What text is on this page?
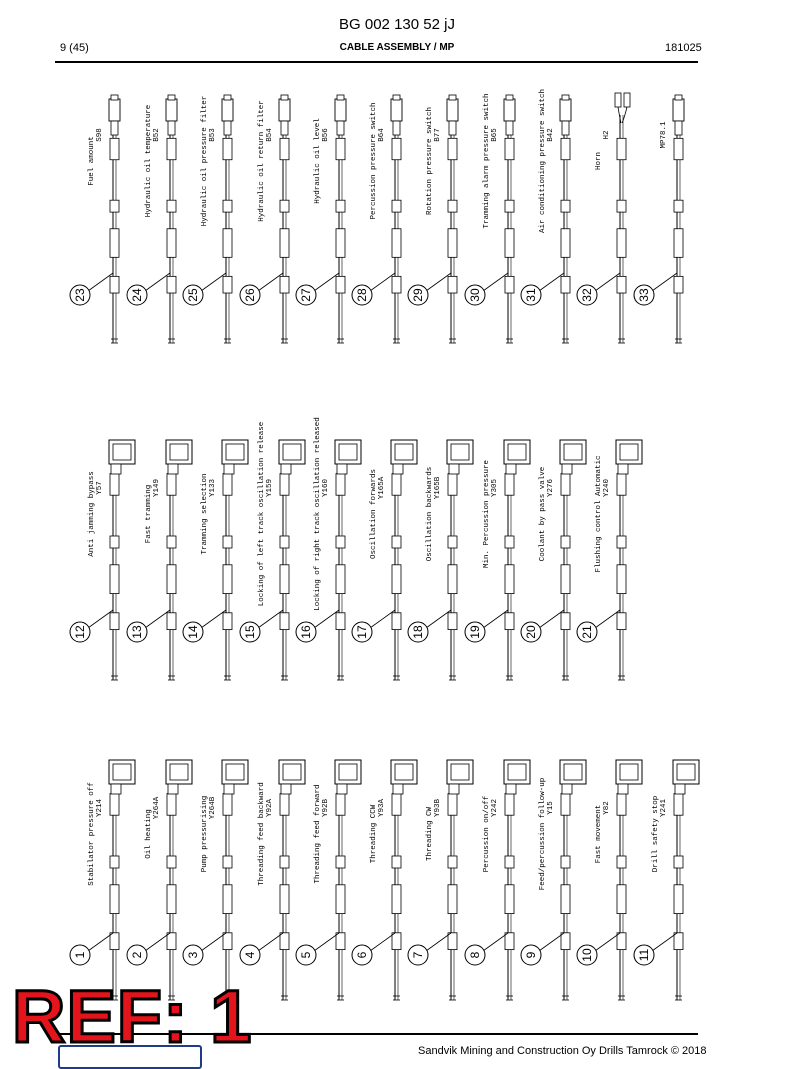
BG 002 130 52 jJ
9 (45)	CABLE ASSEMBLY / MP	181025
Y214
Stabilator pressure off
1
Y264A
Oil heating
2
Y264B
Pump pressurising
3
Y92A
Threading feed backward
4
Y92B
Threading feed forward
5
Y93A
Threading CCW
6
Y93B
Threading CW
7
Y242
Percussion on/off
8
Y15
Feed/percussion follow-up
9
Y82
Fast movement
10
Y241
Drill safety stop
11
Y57
Anti jamming bypass
12
Y149
Fast tramming
13
Y133
Tramming selection
14
Y159
Locking of left track oscillation release
15
Y160
Locking of right track oscillation released
16
Y165A
Oscillation forwards
17
Y165B
Oscillation backwards
18
Y305
Min. Percussion pressure
19
Y276
Coolant by pass valve
20
Y240
Flushing control Automatic
21
S98
Fuel amount
23
B52
Hydraulic oil temperature
24
B53
Hydraulic oil pressure filter
25
B54
Hydraulic oil return filter
26
B56
Hydraulic oil level
27
B64
Percussion pressure switch
28
B77
Rotation pressure switch
29
B65
Tramming alarm pressure switch
30
B42
Air conditioning pressure switch
31
H2
Horn
32
MP78.1
33
Sandvik Mining and Construction Oy Drills Tamrock © 2018
REF: 1
